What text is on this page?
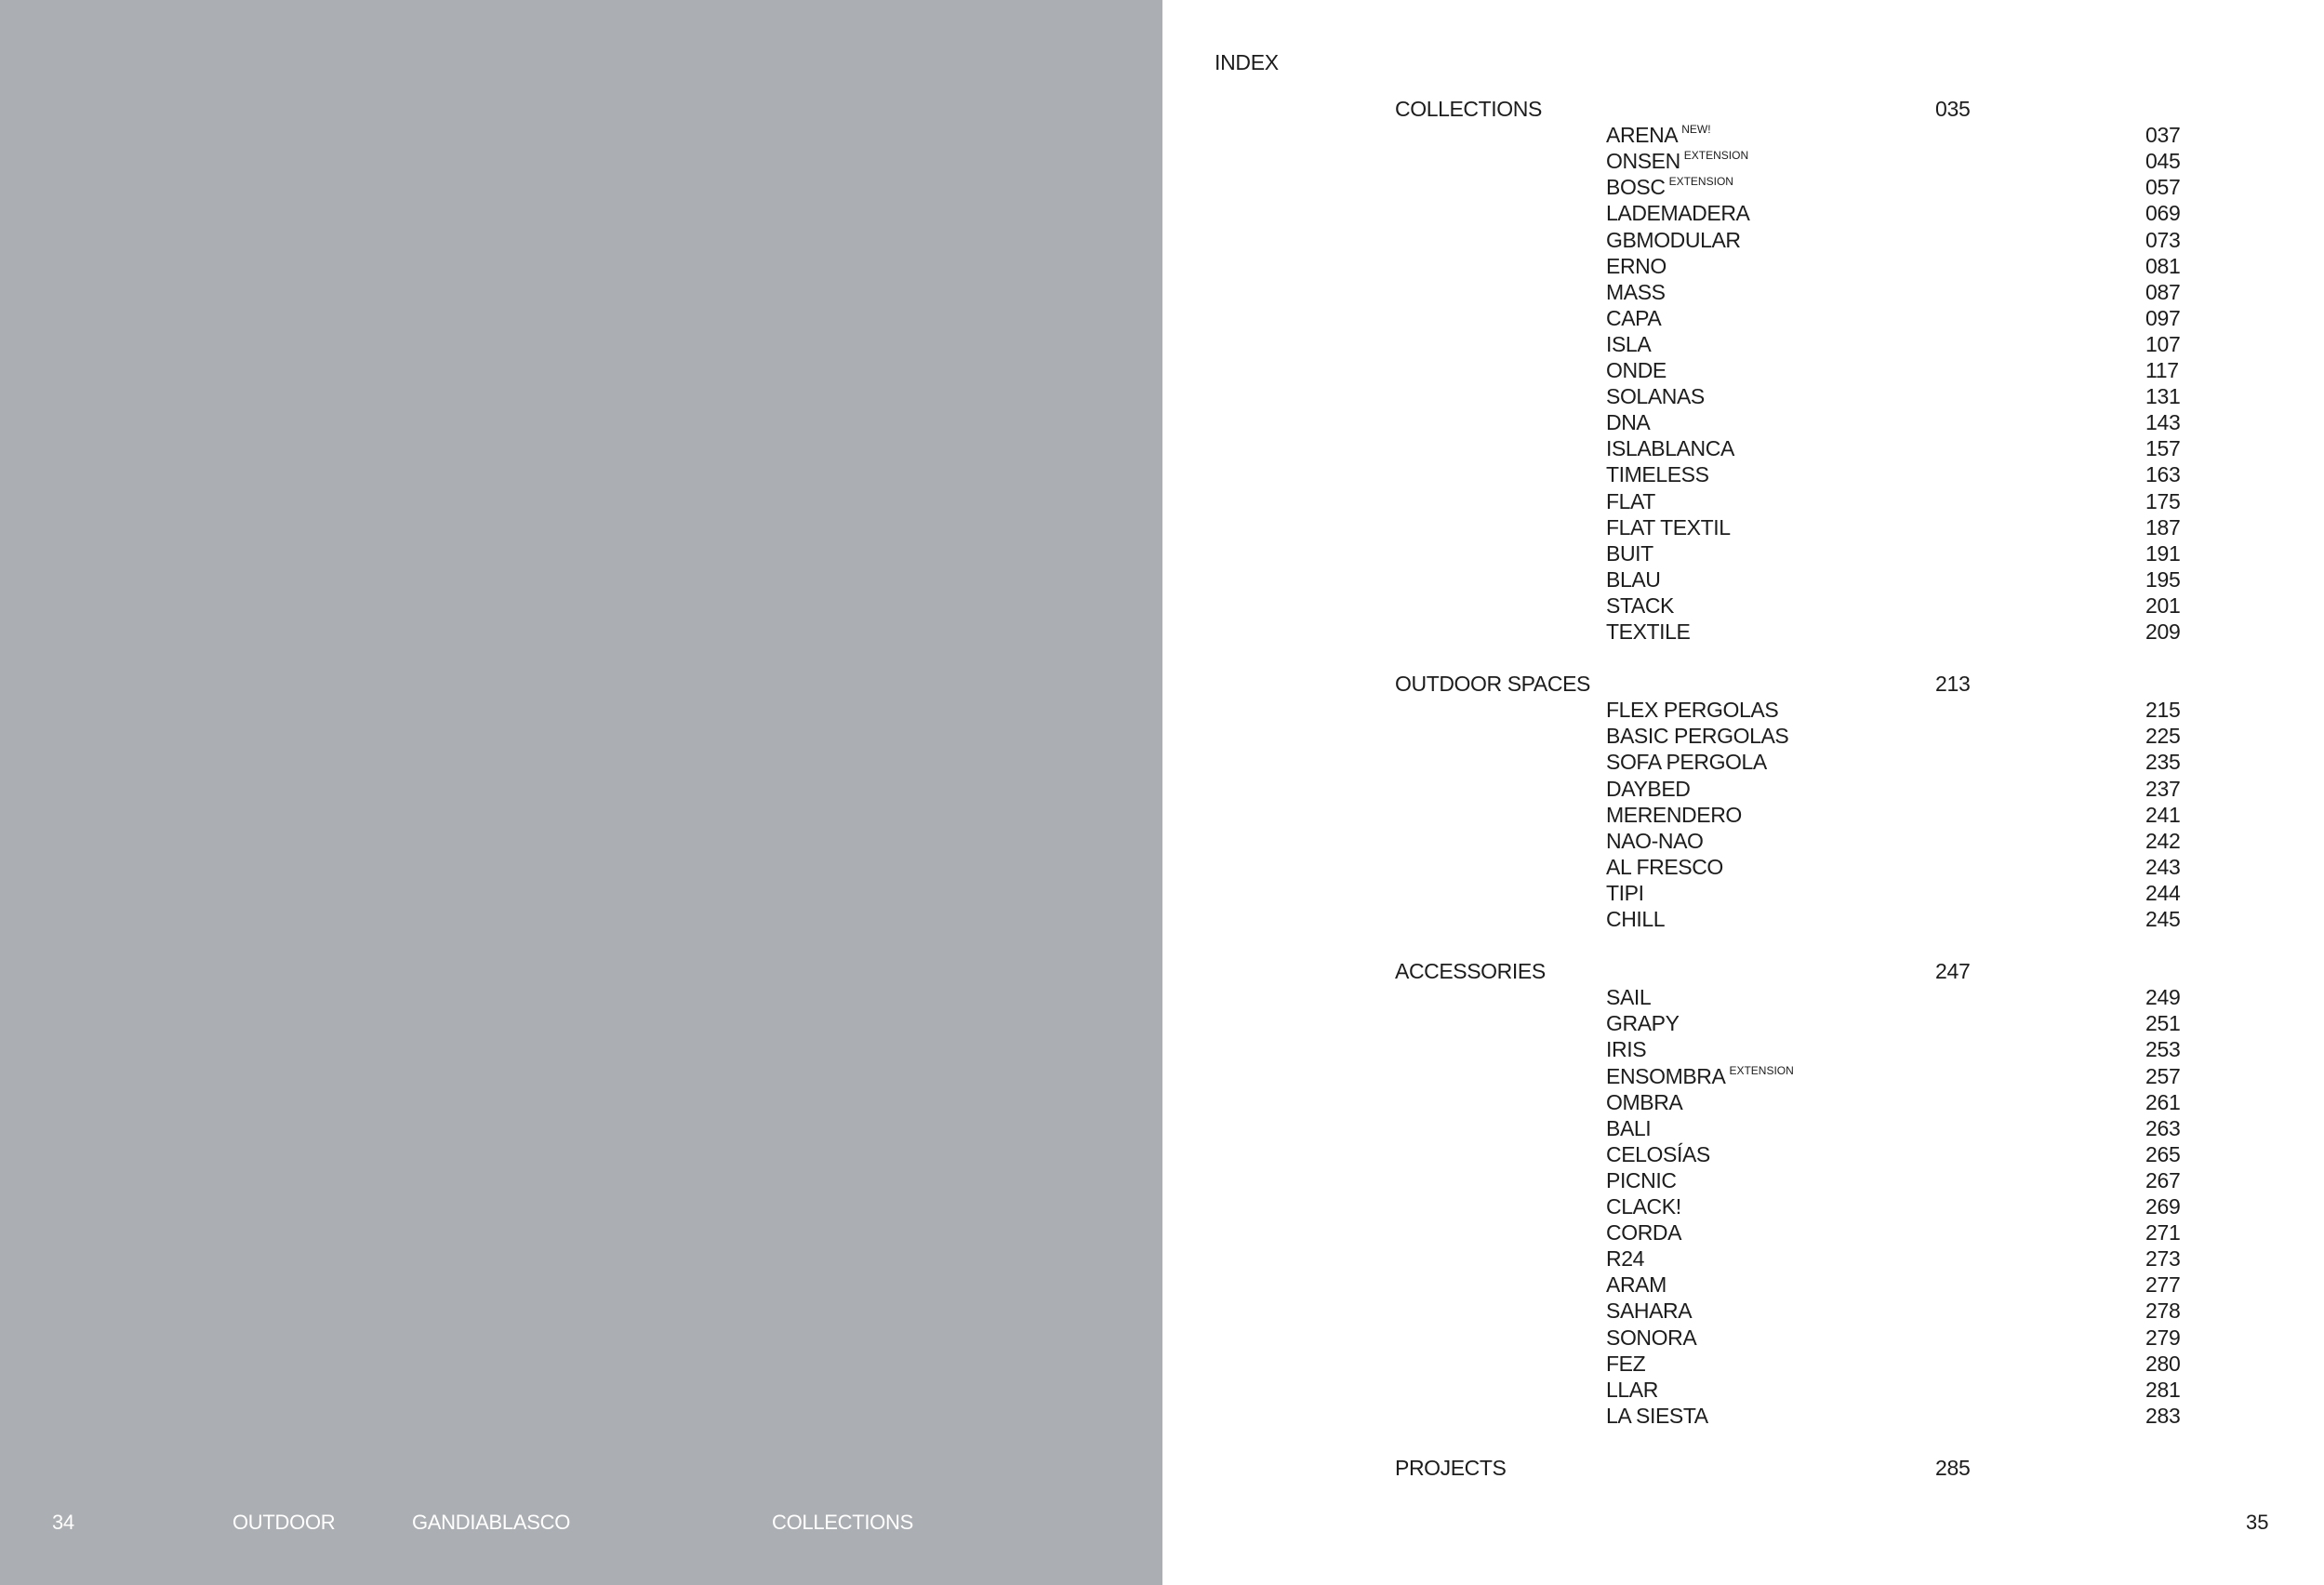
34	OUTDOOR	GANDIABLASCO	COLLECTIONS
INDEX
COLLECTIONS	035
ARENA $^{NEW!}$	037
ONSEN $^{EXTENSION}$	045
BOSC $^{EXTENSION}$	057
LADEMADERA	069
GBMODULAR	073
ERNO	081
MASS	087
CAPA	097
ISLA	107
ONDE	117
SOLANAS	131
DNA	143
ISLABLANCA	157
TIMELESS	163
FLAT	175
FLAT TEXTIL	187
BUIT	191
BLAU	195
STACK	201
TEXTILE	209
OUTDOOR SPACES	213
FLEX PERGOLAS	215
BASIC PERGOLAS	225
SOFA PERGOLA	235
DAYBED	237
MERENDERO	241
NAO-NAO	242
AL FRESCO	243
TIPI	244
CHILL	245
ACCESSORIES	247
SAIL	249
GRAPY	251
IRIS	253
ENSOMBRA $^{EXTENSION}$	257
OMBRA	261
BALI	263
CELOSÍAS	265
PICNIC	267
CLACK!	269
CORDA	271
R24	273
ARAM	277
SAHARA	278
SONORA	279
FEZ	280
LLAR	281
LA SIESTA	283
PROJECTS	285
35
